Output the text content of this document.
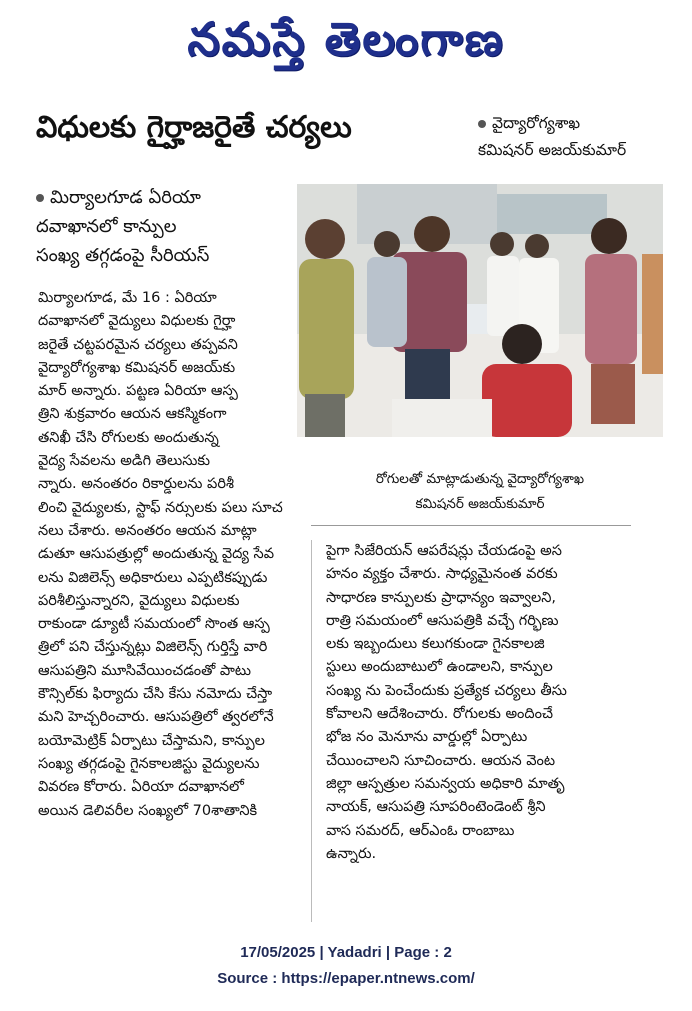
నమస్తే తెలంగాణ
విధులకు గైర్హాజరైతే చర్యలు	వైద్యారోగ్యశాఖ
కమిషనర్ అజయ్‌కుమార్
మిర్యాలగూడ ఏరియా
దవాఖానలో కాన్పుల
సంఖ్య తగ్గడంపై సీరియస్
రోగులతో మాట్లాడుతున్న వైద్యారోగ్యశాఖ
కమిషనర్ అజయ్‌కుమార్
మిర్యాలగూడ, మే 16 : ఏరియా
దవాఖానలో వైద్యులు విధులకు గైర్హా
జరైతే చట్టపరమైన చర్యలు తప్పవని
వైద్యారోగ్యశాఖ కమిషనర్ అజయ్‌కు
మార్ అన్నారు. పట్టణ ఏరియా ఆస్ప
త్రిని శుక్రవారం ఆయన ఆకస్మికంగా
తనిఖీ చేసి రోగులకు అందుతున్న
వైద్య సేవలను అడిగి తెలుసుకు
న్నారు. అనంతరం రికార్డులను పరిశీ
లించి వైద్యులకు, స్టాఫ్ నర్సులకు పలు సూచ
నలు చేశారు. అనంతరం ఆయన మాట్లా
డుతూ ఆసుపత్రుల్లో అందుతున్న వైద్య సేవ
లను విజిలెన్స్ అధికారులు ఎప్పటికప్పుడు
పరిశీలిస్తున్నారని, వైద్యులు విధులకు
రాకుండా డ్యూటీ సమయంలో సొంత ఆస్ప
త్రిలో పని చేస్తున్నట్లు విజిలెన్స్ గుర్తిస్తే వారి
ఆసుపత్రిని మూసివేయించడంతో పాటు
కౌన్సిల్‌కు ఫిర్యాదు చేసి కేసు నమోదు చేస్తా
మని హెచ్చరించారు. ఆసుపత్రిలో త్వరలోనే
బయోమెట్రిక్ ఏర్పాటు చేస్తామని, కాన్పుల
సంఖ్య తగ్గడంపై గైనకాలజిస్టు వైద్యులను
వివరణ కోరారు. ఏరియా దవాఖానలో
అయిన డెలివరీల సంఖ్యలో 70శాతానికి
పైగా సిజేరియన్ ఆపరేషన్లు చేయడంపై అస
హనం వ్యక్తం చేశారు. సాధ్యమైనంత వరకు
సాధారణ కాన్పులకు ప్రాధాన్యం ఇవ్వాలని,
రాత్రి సమయంలో ఆసుపత్రికి వచ్చే గర్భిణు
లకు ఇబ్బందులు కలుగకుండా గైనకాలజి
స్టులు అందుబాటులో ఉండాలని, కాన్పుల
సంఖ్య ను పెంచేందుకు ప్రత్యేక చర్యలు తీసు
కోవాలని ఆదేశించారు. రోగులకు అందించే
భోజ నం మెనూను వార్డుల్లో ఏర్పాటు
చేయించాలని సూచించారు. ఆయన వెంట
జిల్లా ఆస్పత్రుల సమన్వయ అధికారి మాతృ
నాయక్, ఆసుపత్రి సూపరింటెండెంట్ శ్రీని
వాస సమరద్, ఆర్ఎంఓ రాంబాబు
ఉన్నారు.
17/05/2025 | Yadadri | Page : 2
Source : https://epaper.ntnews.com/
